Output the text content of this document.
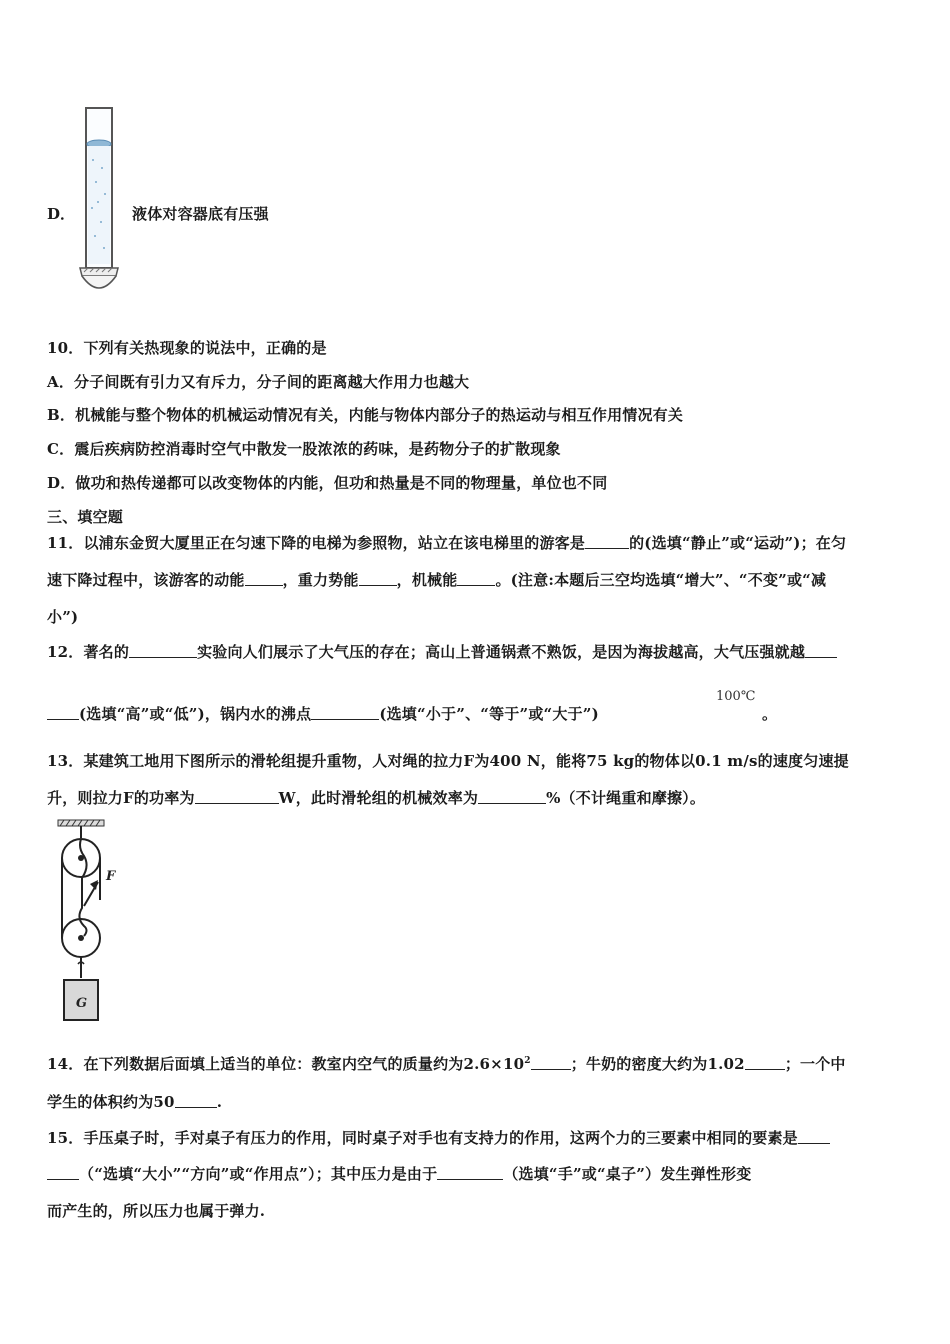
D．	液体对容器底有压强
10．下列有关热现象的说法中，正确的是
A．分子间既有引力又有斥力，分子间的距离越大作用力也越大
B．机械能与整个物体的机械运动情况有关，内能与物体内部分子的热运动与相互作用情况有关
C．震后疾病防控消毒时空气中散发一股浓浓的药味，是药物分子的扩散现象
D．做功和热传递都可以改变物体的内能，但功和热量是不同的物理量，单位也不同
三、填空题
11．以浦东金贸大厦里正在匀速下降的电梯为参照物，站立在该电梯里的游客是	的(选填“静止”或“运动”)；在匀
速下降过程中，该游客的动能	，重力势能	，机械能	。(注意:本题后三空均选填“增大”、“不变”或“减
小”)
12．著名的	实验向人们展示了大气压的存在；高山上普通锅煮不熟饭，是因为海拔越高，大气压强就越
(选填“高”或“低”)，锅内水的沸点	(选填“小于”、“等于”或“大于”)
100℃
。
13．某建筑工地用下图所示的滑轮组提升重物，人对绳的拉力F为400 N，能将75 kg的物体以0.1 m/s的速度匀速提
升，则拉力F的功率为	W，此时滑轮组的机械效率为	%（不计绳重和摩擦）。
F
G
14．在下列数据后面填上适当的单位：教室内空气的质量约为$2.6\times 10^2$	；牛奶的密度大约为1.02	；一个中
学生的体积约为50	.
15．手压桌子时，手对桌子有压力的作用，同时桌子对手也有支持力的作用，这两个力的三要素中相同的要素是
（“选填“大小”“方向”或“作用点”）；其中压力是由于	（选填“手”或“桌子”）发生弹性形变
而产生的，所以压力也属于弹力.
